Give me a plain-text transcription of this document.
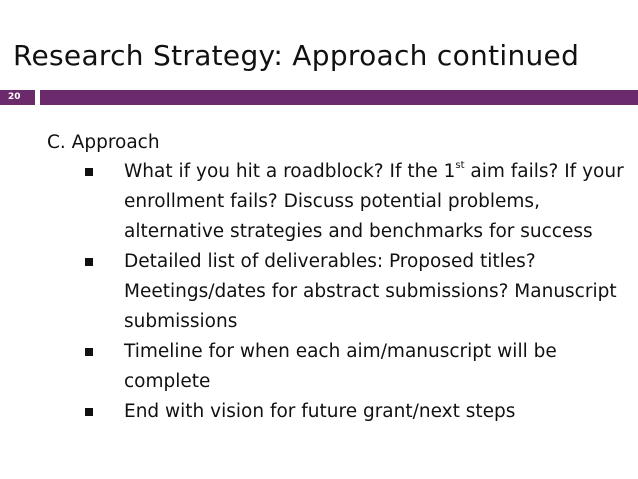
Research Strategy: Approach continued
20

C. Approach

What if you hit a roadblock? If the 1st aim fails? If your enrollment fails? Discuss potential problems, alternative strategies and benchmarks for success
Detailed list of deliverables: Proposed titles? Meetings/dates for abstract submissions? Manuscript submissions
Timeline for when each aim/manuscript will be complete
End with vision for future grant/next steps
